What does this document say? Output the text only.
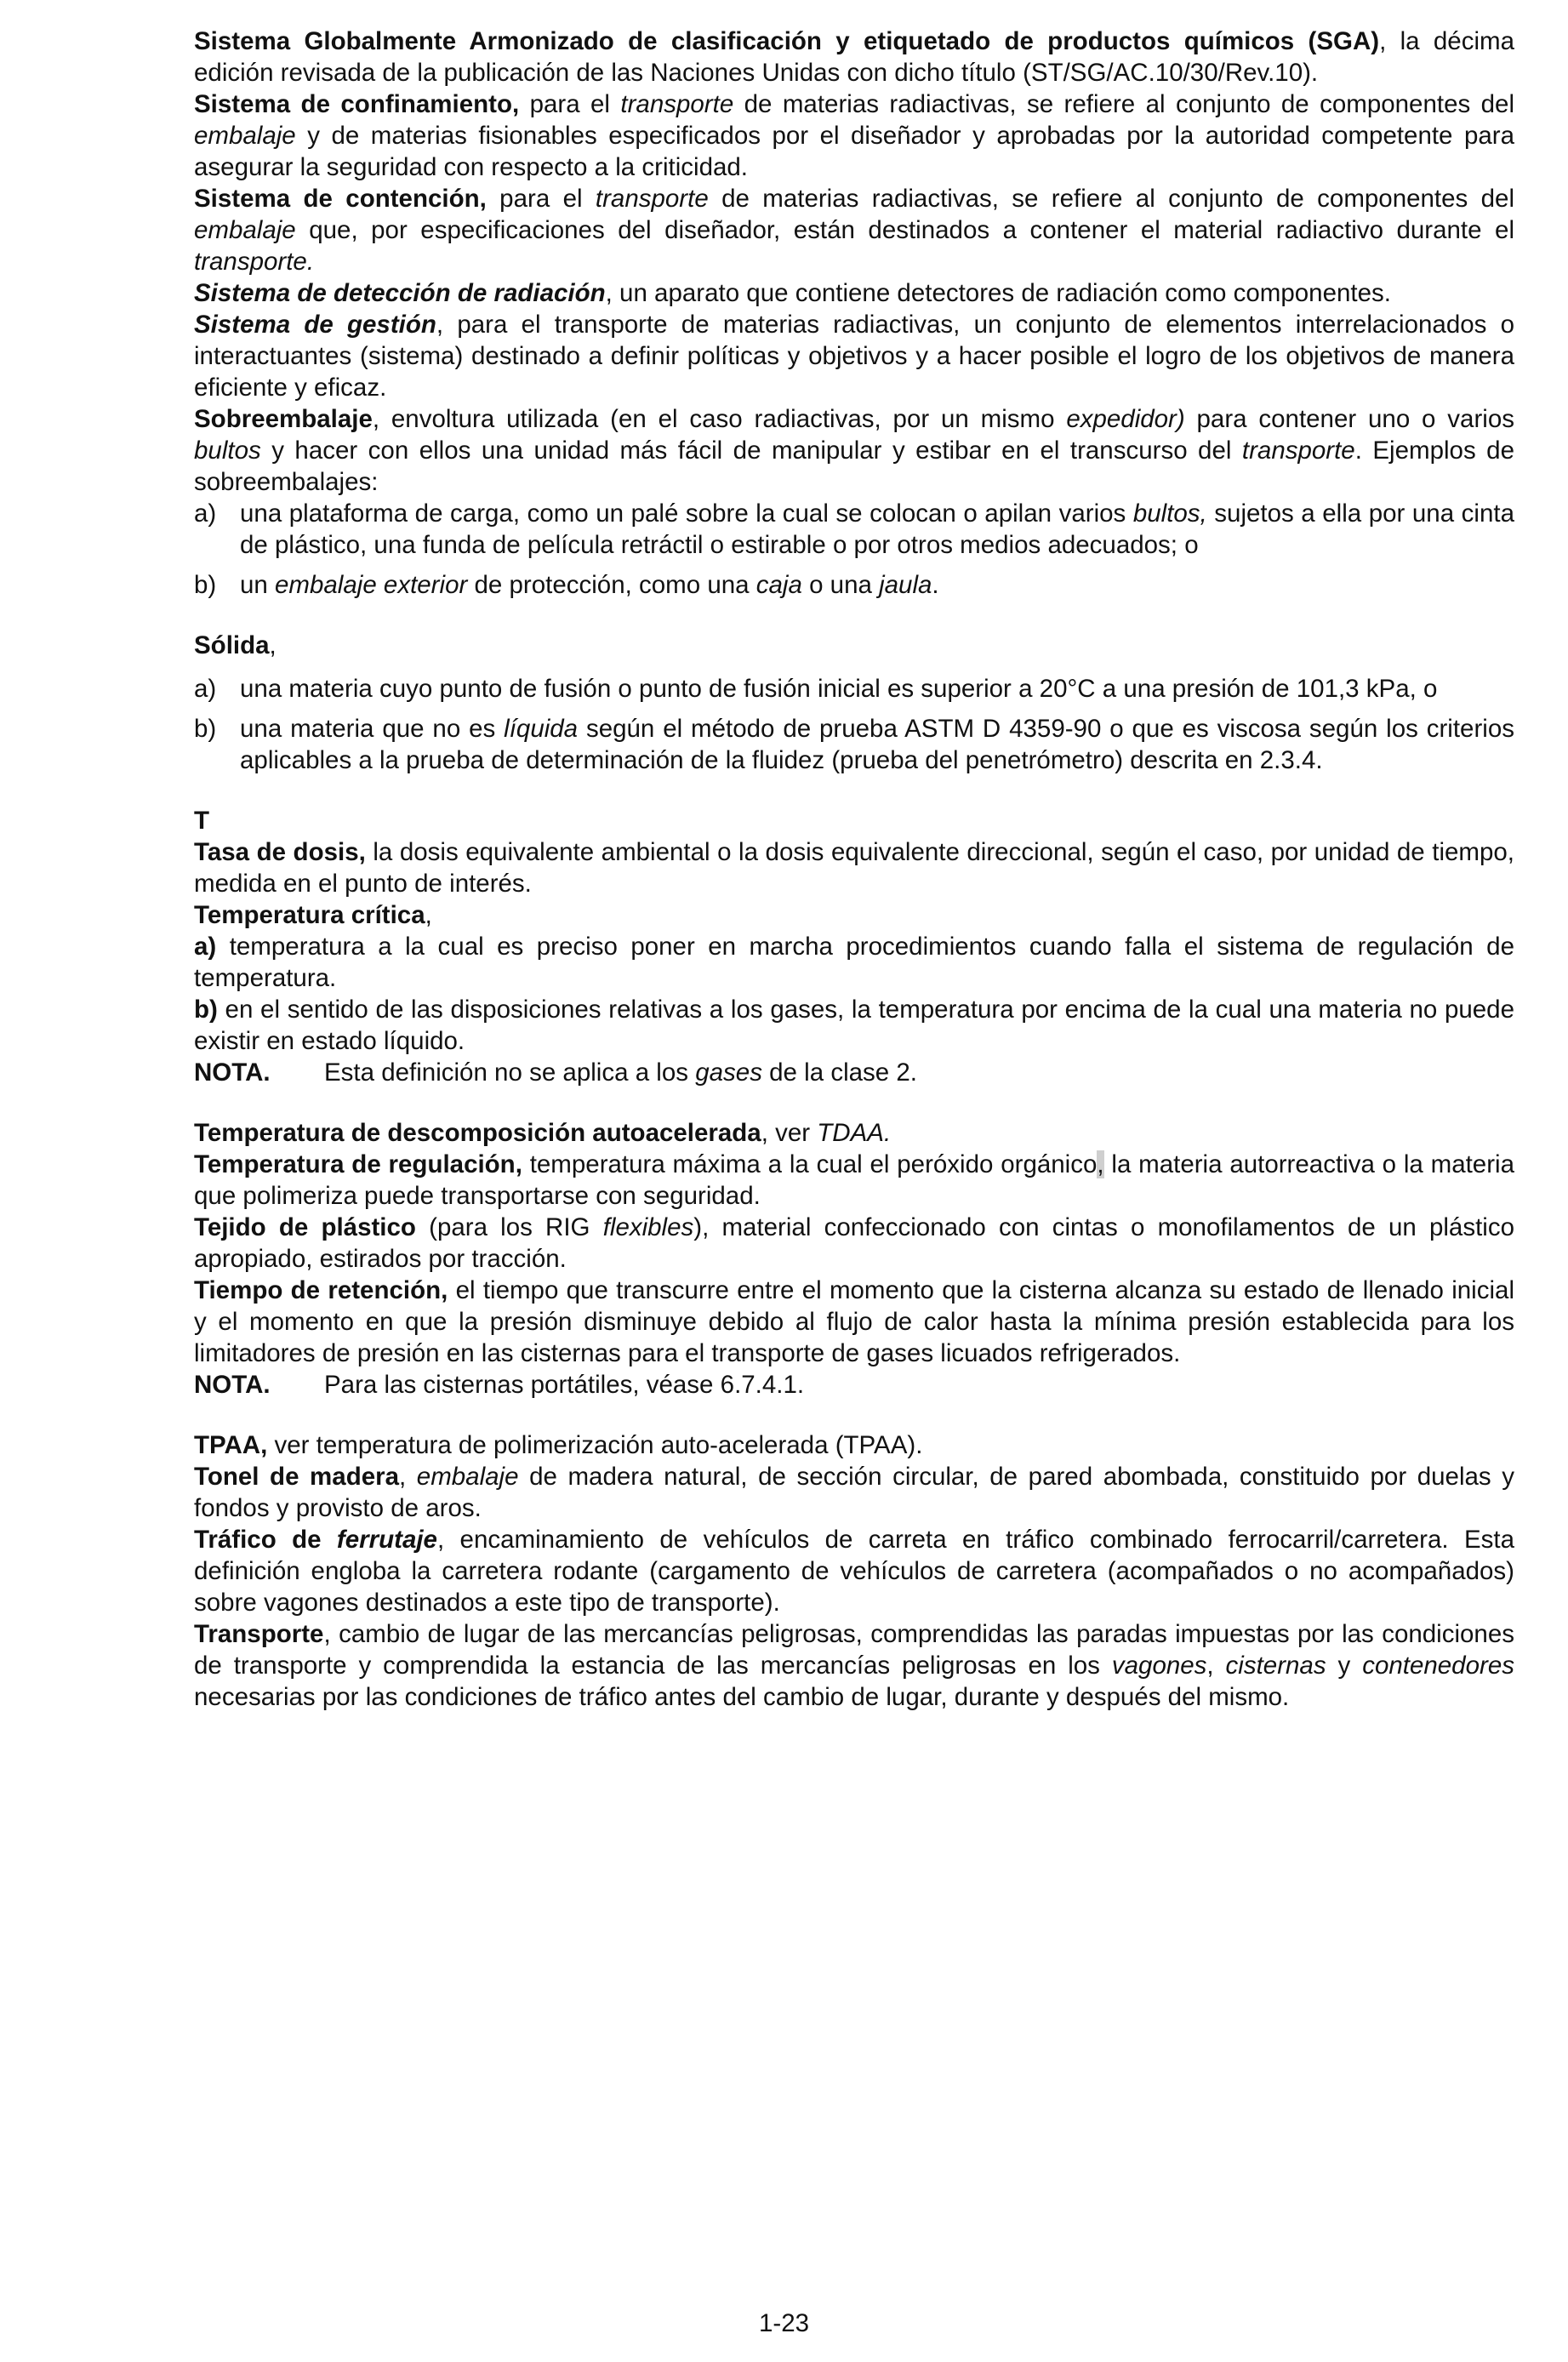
Sistema Globalmente Armonizado de clasificación y etiquetado de productos químicos (SGA), la décima edición revisada de la publicación de las Naciones Unidas con dicho título (ST/SG/AC.10/30/Rev.10).

Sistema de confinamiento, para el transporte de materias radiactivas, se refiere al conjunto de componentes del embalaje y de materias fisionables especificados por el diseñador y aprobadas por la autoridad competente para asegurar la seguridad con respecto a la criticidad.

Sistema de contención, para el transporte de materias radiactivas, se refiere al conjunto de componentes del embalaje que, por especificaciones del diseñador, están destinados a contener el material radiactivo durante el transporte.

Sistema de detección de radiación, un aparato que contiene detectores de radiación como componentes.

Sistema de gestión, para el transporte de materias radiactivas, un conjunto de elementos interrelacionados o interactuantes (sistema) destinado a definir políticas y objetivos y a hacer posible el logro de los objetivos de manera eficiente y eficaz.

Sobreembalaje, envoltura utilizada (en el caso radiactivas, por un mismo expedidor) para contener uno o varios bultos y hacer con ellos una unidad más fácil de manipular y estibar en el transcurso del transporte. Ejemplos de sobreembalajes:

a) una plataforma de carga, como un palé sobre la cual se colocan o apilan varios bultos, sujetos a ella por una cinta de plástico, una funda de película retráctil o estirable o por otros medios adecuados; o
b) un embalaje exterior de protección, como una caja o una jaula.

Sólida,

a) una materia cuyo punto de fusión o punto de fusión inicial es superior a 20°C a una presión de 101,3 kPa, o
b) una materia que no es líquida según el método de prueba ASTM D 4359-90 o que es viscosa según los criterios aplicables a la prueba de determinación de la fluidez (prueba del penetrómetro) descrita en 2.3.4.

T

Tasa de dosis, la dosis equivalente ambiental o la dosis equivalente direccional, según el caso, por unidad de tiempo, medida en el punto de interés.

Temperatura crítica,

a) temperatura a la cual es preciso poner en marcha procedimientos cuando falla el sistema de regulación de temperatura.

b) en el sentido de las disposiciones relativas a los gases, la temperatura por encima de la cual una materia no puede existir en estado líquido.

NOTA.	Esta definición no se aplica a los gases de la clase 2.

Temperatura de descomposición autoacelerada, ver TDAA.

Temperatura de regulación, temperatura máxima a la cual el peróxido orgánico, la materia autorreactiva o la materia que polimeriza puede transportarse con seguridad.

Tejido de plástico (para los RIG flexibles), material confeccionado con cintas o monofilamentos de un plástico apropiado, estirados por tracción.

Tiempo de retención, el tiempo que transcurre entre el momento que la cisterna alcanza su estado de llenado inicial y el momento en que la presión disminuye debido al flujo de calor hasta la mínima presión establecida para los limitadores de presión en las cisternas para el transporte de gases licuados refrigerados.

NOTA.	Para las cisternas portátiles, véase 6.7.4.1.

TPAA, ver temperatura de polimerización auto-acelerada (TPAA).

Tonel de madera, embalaje de madera natural, de sección circular, de pared abombada, constituido por duelas y fondos y provisto de aros.

Tráfico de ferrutaje, encaminamiento de vehículos de carreta en tráfico combinado ferrocarril/carretera. Esta definición engloba la carretera rodante (cargamento de vehículos de carretera (acompañados o no acompañados) sobre vagones destinados a este tipo de transporte).

Transporte, cambio de lugar de las mercancías peligrosas, comprendidas las paradas impuestas por las condiciones de transporte y comprendida la estancia de las mercancías peligrosas en los vagones, cisternas y contenedores necesarias por las condiciones de tráfico antes del cambio de lugar, durante y después del mismo.

1-23
